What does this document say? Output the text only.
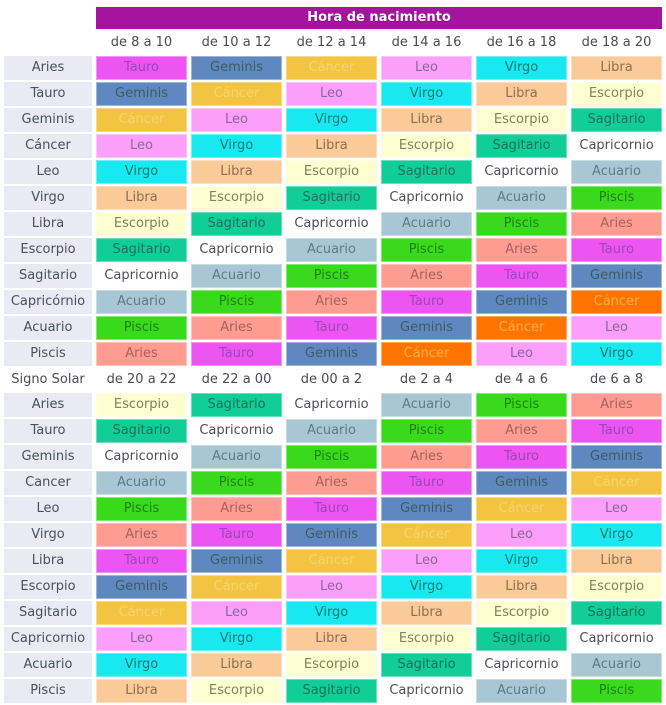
	Hora de nacimiento					
	de 8 a 10	de 10 a 12	de 12 a 14	de 14 a 16	de 16 a 18	de 18 a 20
Aries	Tauro	Geminis	Cáncer	Leo	Virgo	Libra
Tauro	Geminis	Cáncer	Leo	Virgo	Libra	Escorpio
Geminis	Cáncer	Leo	Virgo	Libra	Escorpio	Sagitario
Cáncer	Leo	Virgo	Libra	Escorpio	Sagitario	Capricornio
Leo	Virgo	Libra	Escorpio	Sagitario	Capricornio	Acuario
Virgo	Libra	Escorpio	Sagitario	Capricornio	Acuario	Piscis
Libra	Escorpio	Sagitario	Capricornio	Acuario	Piscis	Aries
Escorpio	Sagitario	Capricornio	Acuario	Piscis	Aries	Tauro
Sagitario	Capricornio	Acuario	Piscis	Aries	Tauro	Geminis
Capricórnio	Acuario	Piscis	Aries	Tauro	Geminis	Cáncer
Acuario	Piscis	Aries	Tauro	Geminis	Cáncer	Leo
Piscis	Aries	Tauro	Geminis	Cáncer	Leo	Virgo
Signo Solar	de 20 a 22	de 22 a 00	de 00 a 2	de 2 a 4	de 4 a 6	de 6 a 8
Aries	Escorpio	Sagitario	Capricornio	Acuario	Piscis	Aries
Tauro	Sagitario	Capricornio	Acuario	Piscis	Aries	Tauro
Geminis	Capricornio	Acuario	Piscis	Aries	Tauro	Geminis
Cancer	Acuario	Piscis	Aries	Tauro	Geminis	Cáncer
Leo	Piscis	Aries	Tauro	Geminis	Cáncer	Leo
Virgo	Aries	Tauro	Geminis	Cáncer	Leo	Virgo
Libra	Tauro	Geminis	Cáncer	Leo	Virgo	Libra
Escorpio	Geminis	Cáncer	Leo	Virgo	Libra	Escorpio
Sagitario	Cáncer	Leo	Virgo	Libra	Escorpio	Sagitario
Capricornio	Leo	Virgo	Libra	Escorpio	Sagitario	Capricornio
Acuario	Virgo	Libra	Escorpio	Sagitario	Capricornio	Acuario
Piscis	Libra	Escorpio	Sagitario	Capricornio	Acuario	Piscis
